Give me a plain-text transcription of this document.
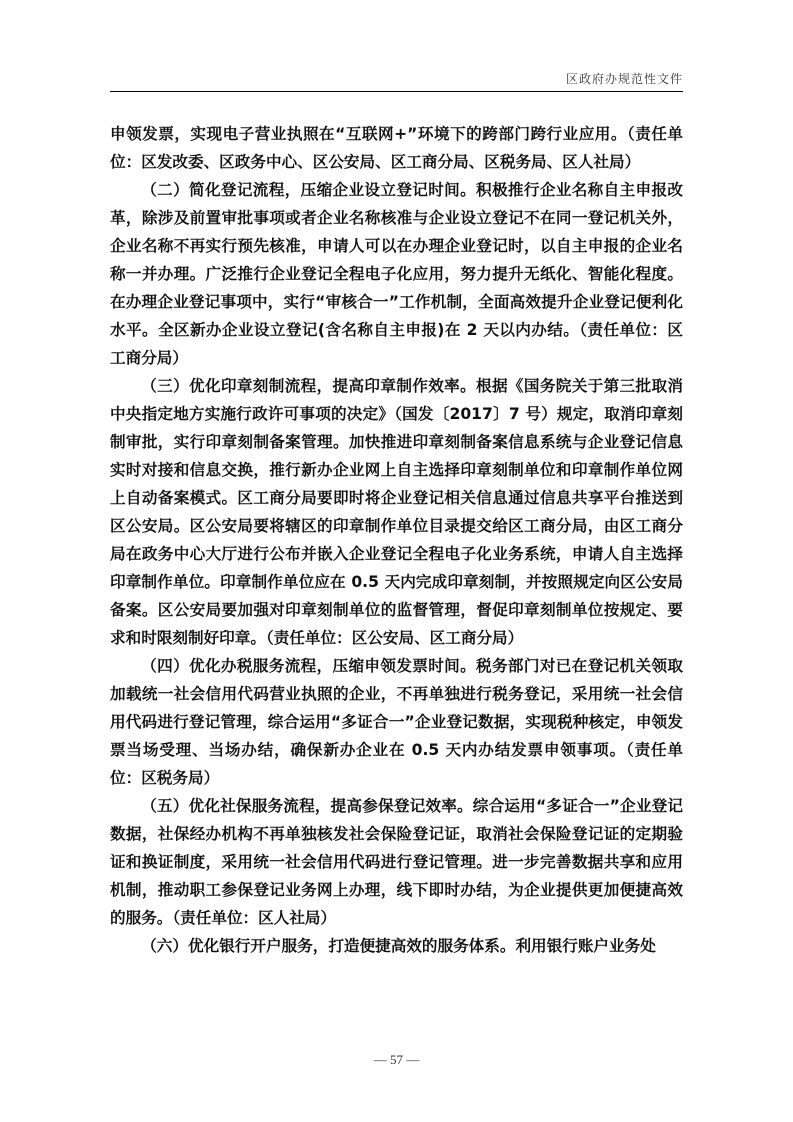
区政府办规范性文件

申领发票，实现电子营业执照在“互联网+”环境下的跨部门跨行业应用。（责任单位：区发改委、区政务中心、区公安局、区工商分局、区税务局、区人社局）

（二）简化登记流程，压缩企业设立登记时间。积极推行企业名称自主申报改革，除涉及前置审批事项或者企业名称核准与企业设立登记不在同一登记机关外，企业名称不再实行预先核准，申请人可以在办理企业登记时，以自主申报的企业名称一并办理。广泛推行企业登记全程电子化应用，努力提升无纸化、智能化程度。在办理企业登记事项中，实行“审核合一”工作机制，全面高效提升企业登记便利化水平。全区新办企业设立登记(含名称自主申报)在 2 天以内办结。（责任单位：区工商分局）

（三）优化印章刻制流程，提高印章制作效率。根据《国务院关于第三批取消中央指定地方实施行政许可事项的决定》（国发〔2017〕7 号）规定，取消印章刻制审批，实行印章刻制备案管理。加快推进印章刻制备案信息系统与企业登记信息实时对接和信息交换，推行新办企业网上自主选择印章刻制单位和印章制作单位网上自动备案模式。区工商分局要即时将企业登记相关信息通过信息共享平台推送到区公安局。区公安局要将辖区的印章制作单位目录提交给区工商分局，由区工商分局在政务中心大厅进行公布并嵌入企业登记全程电子化业务系统，申请人自主选择印章制作单位。印章制作单位应在 0.5 天内完成印章刻制，并按照规定向区公安局备案。区公安局要加强对印章刻制单位的监督管理，督促印章刻制单位按规定、要求和时限刻制好印章。（责任单位：区公安局、区工商分局）

（四）优化办税服务流程，压缩申领发票时间。税务部门对已在登记机关领取加载统一社会信用代码营业执照的企业，不再单独进行税务登记，采用统一社会信用代码进行登记管理，综合运用“多证合一”企业登记数据，实现税种核定，申领发票当场受理、当场办结，确保新办企业在 0.5 天内办结发票申领事项。（责任单位：区税务局）

（五）优化社保服务流程，提高参保登记效率。综合运用“多证合一”企业登记数据，社保经办机构不再单独核发社会保险登记证，取消社会保险登记证的定期验证和换证制度，采用统一社会信用代码进行登记管理。进一步完善数据共享和应用机制，推动职工参保登记业务网上办理，线下即时办结，为企业提供更加便捷高效的服务。（责任单位：区人社局）

（六）优化银行开户服务，打造便捷高效的服务体系。利用银行账户业务处

— 57 —
